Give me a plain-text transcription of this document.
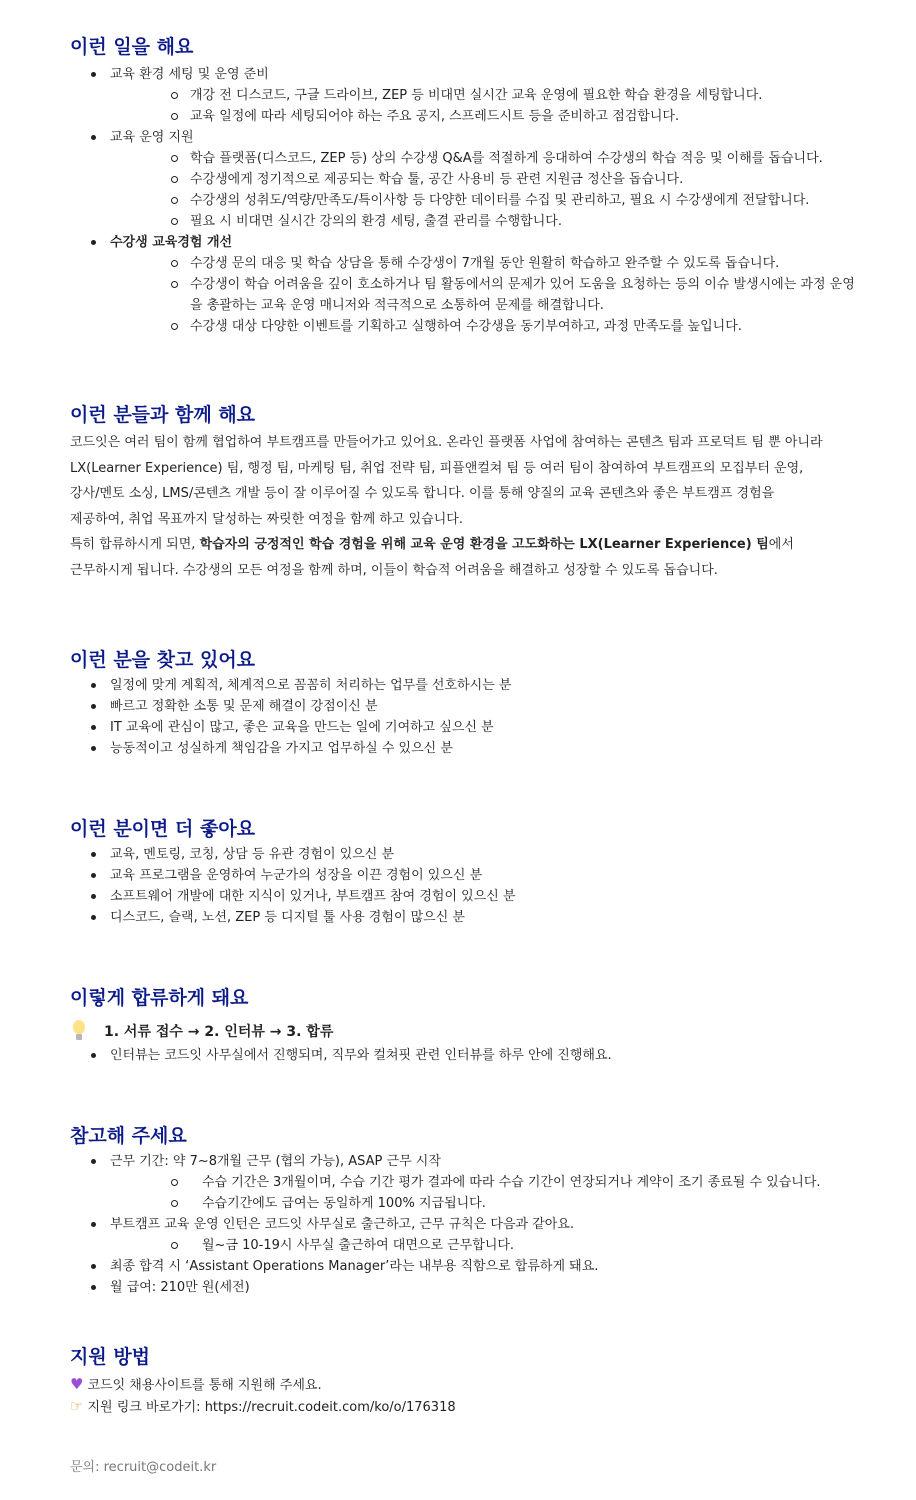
이런 일을 해요
교육 환경 세팅 및 운영 준비
개강 전 디스코드, 구글 드라이브, ZEP 등 비대면 실시간 교육 운영에 필요한 학습 환경을 세팅합니다.
교육 일정에 따라 세팅되어야 하는 주요 공지, 스프레드시트 등을 준비하고 점검합니다.
교육 운영 지원
학습 플랫폼(디스코드, ZEP 등) 상의 수강생 Q&A를 적절하게 응대하여 수강생의 학습 적응 및 이해를 돕습니다.
수강생에게 정기적으로 제공되는 학습 툴, 공간 사용비 등 관련 지원금 정산을 돕습니다.
수강생의 성취도/역량/만족도/특이사항 등 다양한 데이터를 수집 및 관리하고, 필요 시 수강생에게 전달합니다.
필요 시 비대면 실시간 강의의 환경 세팅, 출결 관리를 수행합니다.
수강생 교육경험 개선
수강생 문의 대응 및 학습 상담을 통해 수강생이 7개월 동안 원활히 학습하고 완주할 수 있도록 돕습니다.
수강생이 학습 어려움을 깊이 호소하거나 팀 활동에서의 문제가 있어 도움을 요청하는 등의 이슈 발생시에는 과정 운영을 총괄하는 교육 운영 매니저와 적극적으로 소통하여 문제를 해결합니다.
수강생 대상 다양한 이벤트를 기획하고 실행하여 수강생을 동기부여하고, 과정 만족도를 높입니다.
이런 분들과 함께 해요
코드잇은 여러 팀이 함께 협업하여 부트캠프를 만들어가고 있어요. 온라인 플랫폼 사업에 참여하는 콘텐츠 팀과 프로덕트 팀 뿐 아니라
LX(Learner Experience) 팀, 행정 팀, 마케팅 팀, 취업 전략 팀, 피플앤컬쳐 팀 등 여러 팀이 참여하여 부트캠프의 모집부터 운영,
강사/멘토 소싱, LMS/콘텐츠 개발 등이 잘 이루어질 수 있도록 합니다. 이를 통해 양질의 교육 콘텐츠와 좋은 부트캠프 경험을
제공하여, 취업 목표까지 달성하는 짜릿한 여정을 함께 하고 있습니다.
특히 합류하시게 되면, 학습자의 긍정적인 학습 경험을 위해 교육 운영 환경을 고도화하는 LX(Learner Experience) 팀에서
근무하시게 됩니다. 수강생의 모든 여정을 함께 하며, 이들이 학습적 어려움을 해결하고 성장할 수 있도록 돕습니다.
이런 분을 찾고 있어요
일정에 맞게 계획적, 체계적으로 꼼꼼히 처리하는 업무를 선호하시는 분
빠르고 정확한 소통 및 문제 해결이 강점이신 분
IT 교육에 관심이 많고, 좋은 교육을 만드는 일에 기여하고 싶으신 분
능동적이고 성실하게 책임감을 가지고 업무하실 수 있으신 분
이런 분이면 더 좋아요
교육, 멘토링, 코칭, 상담 등 유관 경험이 있으신 분
교육 프로그램을 운영하여 누군가의 성장을 이끈 경험이 있으신 분
소프트웨어 개발에 대한 지식이 있거나, 부트캠프 참여 경험이 있으신 분
디스코드, 슬랙, 노션, ZEP 등 디지털 툴 사용 경험이 많으신 분
이렇게 합류하게 돼요
1. 서류 접수 → 2. 인터뷰 → 3. 합류
인터뷰는 코드잇 사무실에서 진행되며, 직무와 컬쳐핏 관련 인터뷰를 하루 안에 진행해요.
참고해 주세요
근무 기간: 약 7~8개월 근무 (협의 가능), ASAP 근무 시작
수습 기간은 3개월이며, 수습 기간 평가 결과에 따라 수습 기간이 연장되거나 계약이 조기 종료될 수 있습니다.
수습기간에도 급여는 동일하게 100% 지급됩니다.
부트캠프 교육 운영 인턴은 코드잇 사무실로 출근하고, 근무 규칙은 다음과 같아요.
월~금 10-19시 사무실 출근하여 대면으로 근무합니다.
최종 합격 시 ‘Assistant Operations Manager’라는 내부용 직함으로 합류하게 돼요.
월 급여: 210만 원(세전)
지원 방법
♥ 코드잇 채용사이트를 통해 지원해 주세요.
☞ 지원 링크 바로가기: https://recruit.codeit.com/ko/o/176318
문의: recruit@codeit.kr
